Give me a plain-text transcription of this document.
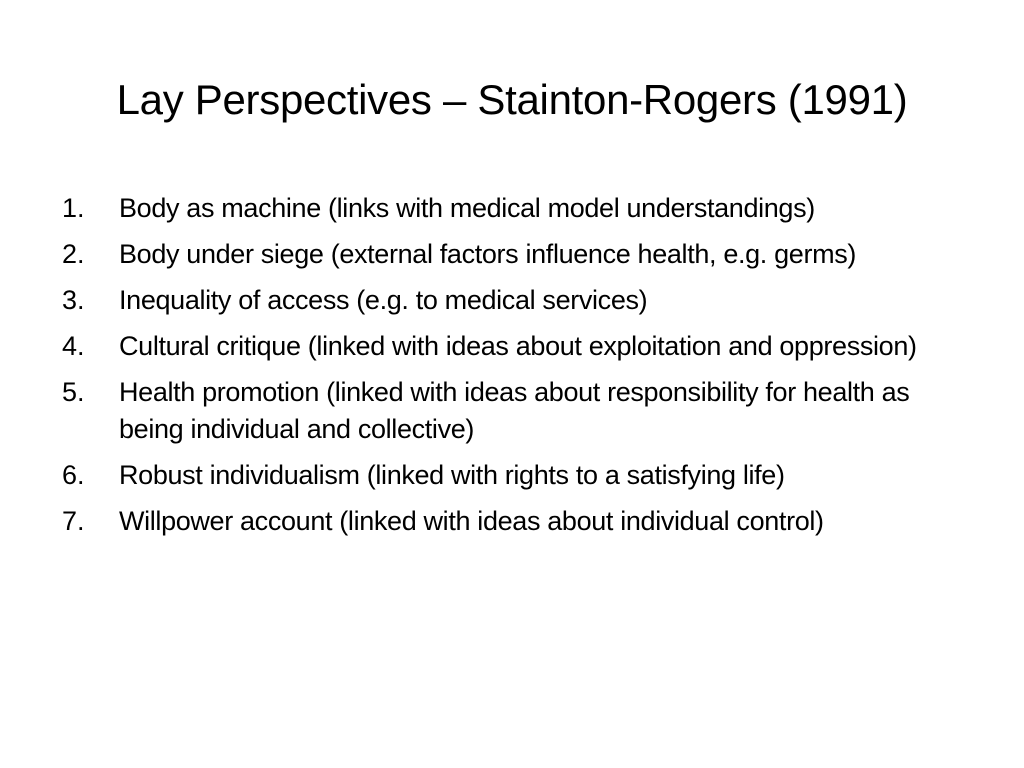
Lay Perspectives – Stainton-Rogers (1991)
1.	Body as machine (links with medical model understandings)
2.	Body under siege (external factors influence health, e.g. germs)
3.	Inequality of access (e.g. to medical services)
4.	Cultural critique (linked with ideas about exploitation and oppression)
5.	Health promotion (linked with ideas about responsibility for health as being individual and collective)
6.	Robust individualism (linked with rights to a satisfying life)
7.	Willpower account (linked with ideas about individual control)
